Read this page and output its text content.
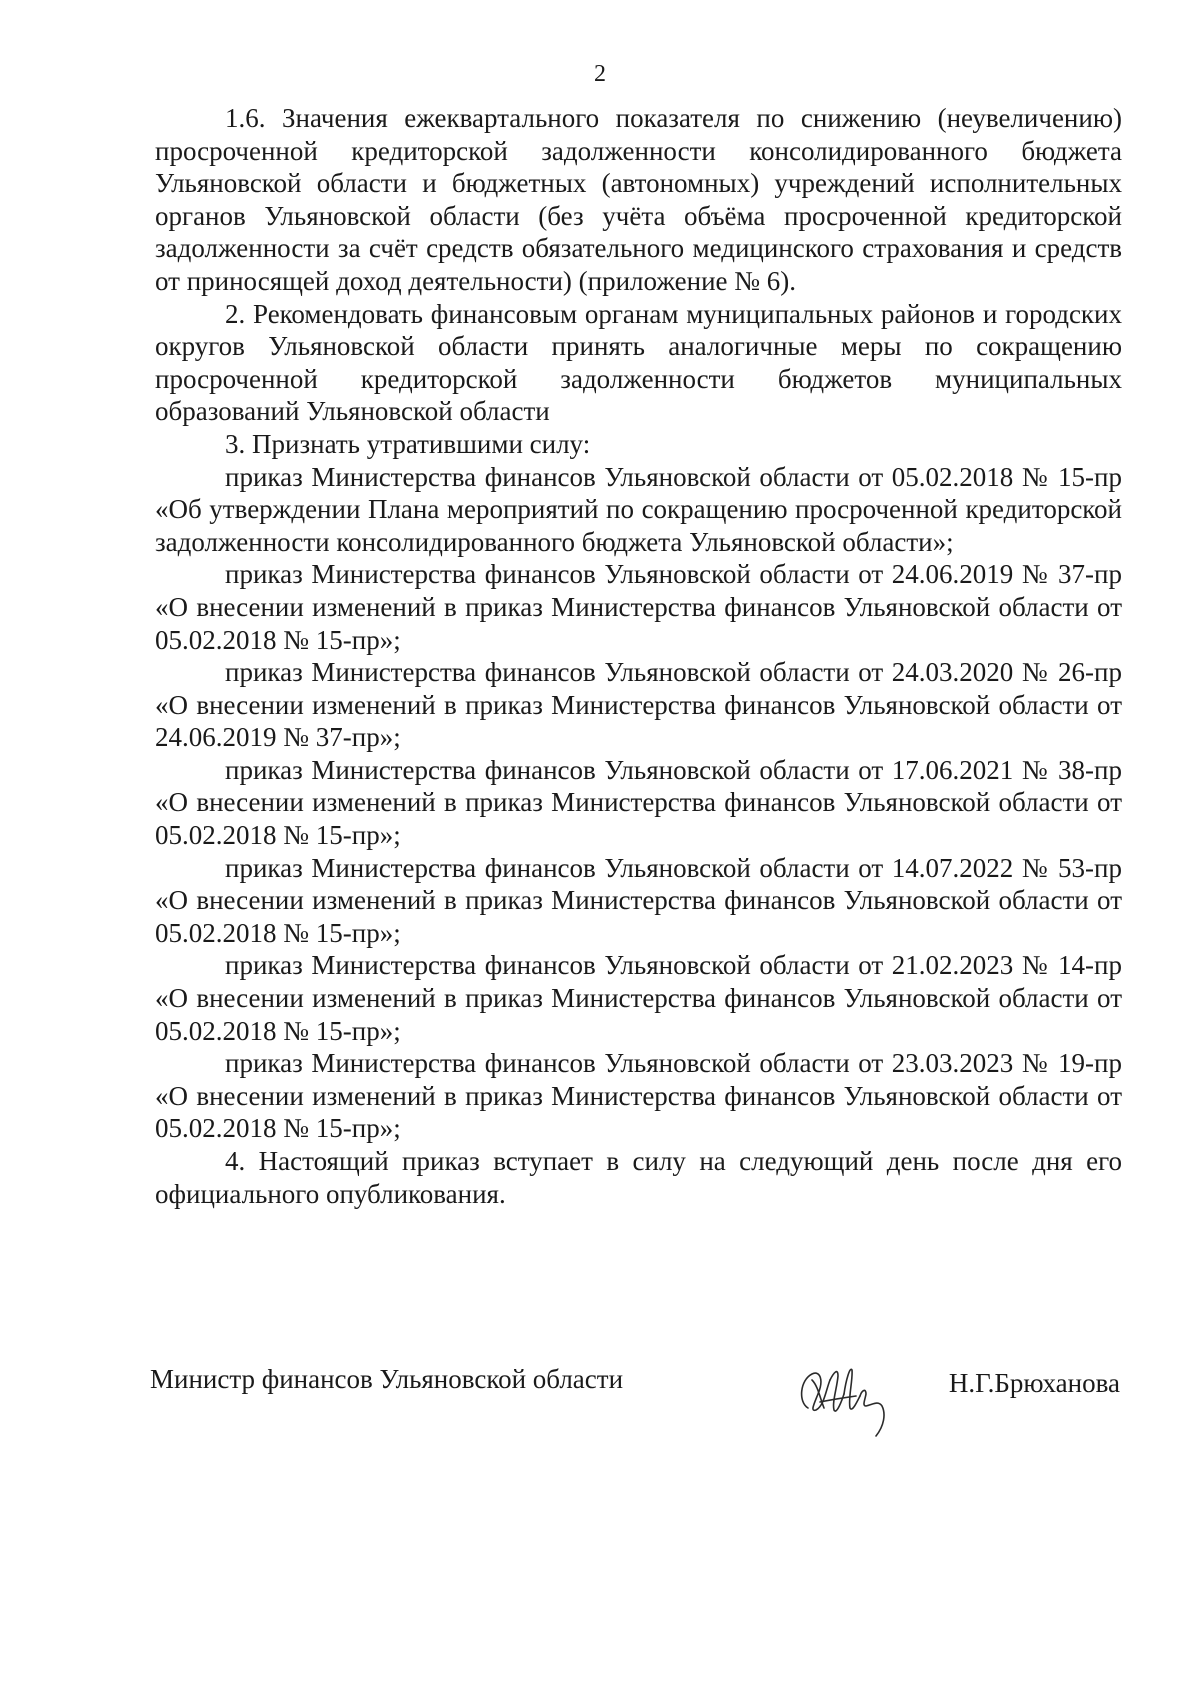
2

1.6. Значения ежеквартального показателя по снижению (неувеличению) просроченной кредиторской задолженности консолидированного бюджета Ульяновской области и бюджетных (автономных) учреждений исполнительных органов Ульяновской области (без учёта объёма просроченной кредиторской задолженности за счёт средств обязательного медицинского страхования и средств от приносящей доход деятельности) (приложение № 6).

2. Рекомендовать финансовым органам муниципальных районов и городских округов Ульяновской области принять аналогичные меры по сокращению просроченной кредиторской задолженности бюджетов муниципальных образований Ульяновской области

3. Признать утратившими силу:

приказ Министерства финансов Ульяновской области от 05.02.2018 № 15-пр «Об утверждении Плана мероприятий по сокращению просроченной кредиторской задолженности консолидированного бюджета Ульяновской области»;

приказ Министерства финансов Ульяновской области от 24.06.2019 № 37-пр «О внесении изменений в приказ Министерства финансов Ульяновской области от 05.02.2018 № 15-пр»;

приказ Министерства финансов Ульяновской области от 24.03.2020 № 26-пр «О внесении изменений в приказ Министерства финансов Ульяновской области от 24.06.2019 № 37-пр»;

приказ Министерства финансов Ульяновской области от 17.06.2021 № 38-пр «О внесении изменений в приказ Министерства финансов Ульяновской области от 05.02.2018 № 15-пр»;

приказ Министерства финансов Ульяновской области от 14.07.2022 № 53-пр «О внесении изменений в приказ Министерства финансов Ульяновской области от 05.02.2018 № 15-пр»;

приказ Министерства финансов Ульяновской области от 21.02.2023 № 14-пр «О внесении изменений в приказ Министерства финансов Ульяновской области от 05.02.2018 № 15-пр»;

приказ Министерства финансов Ульяновской области от 23.03.2023 № 19-пр «О внесении изменений в приказ Министерства финансов Ульяновской области от 05.02.2018 № 15-пр»;

4. Настоящий приказ вступает в силу на следующий день после дня его официального опубликования.

Министр финансов Ульяновской области	Н.Г.Брюханова
